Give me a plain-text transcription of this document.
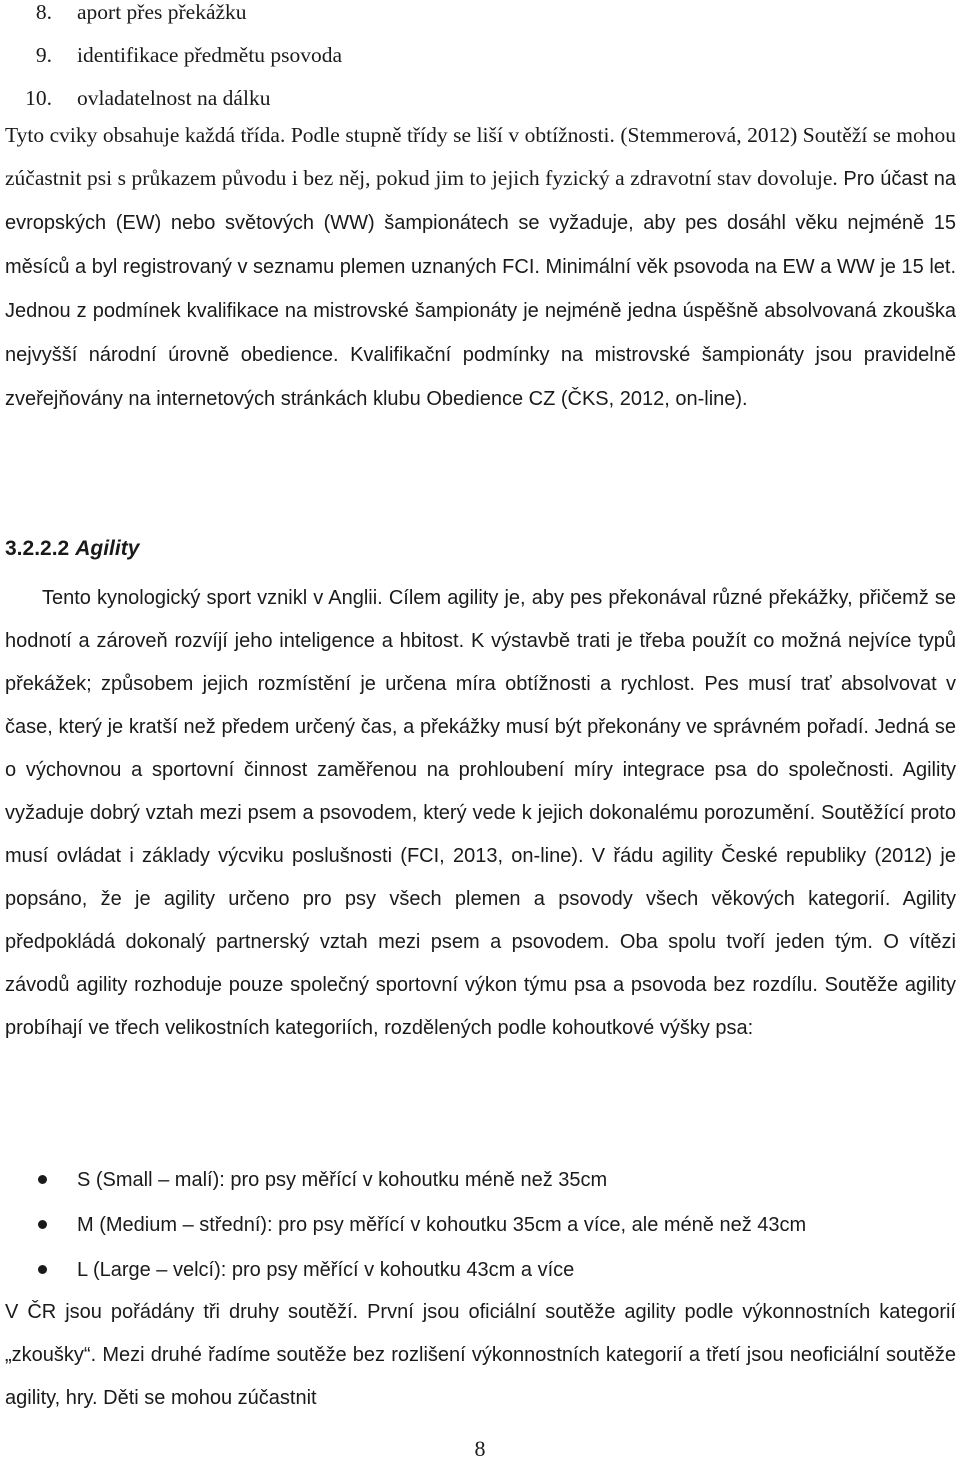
8. aport přes překážku
9. identifikace předmětu psovoda
10. ovladatelnost na dálku

Tyto cviky obsahuje každá třída. Podle stupně třídy se liší v obtížnosti. (Stemmerová, 2012) Soutěží se mohou zúčastnit psi s průkazem původu i bez něj, pokud jim to jejich fyzický a zdravotní stav dovoluje. Pro účast na evropských (EW) nebo světových (WW) šampionátech se vyžaduje, aby pes dosáhl věku nejméně 15 měsíců a byl registrovaný v seznamu plemen uznaných FCI. Minimální věk psovoda na EW a WW je 15 let. Jednou z podmínek kvalifikace na mistrovské šampionáty je nejméně jedna úspěšně absolvovaná zkouška nejvyšší národní úrovně obedience. Kvalifikační podmínky na mistrovské šampionáty jsou pravidelně zveřejňovány na internetových stránkách klubu Obedience CZ (ČKS, 2012, on-line).

3.2.2.2 Agility

Tento kynologický sport vznikl v Anglii. Cílem agility je, aby pes překonával různé překážky, přičemž se hodnotí a zároveň rozvíjí jeho inteligence a hbitost. K výstavbě trati je třeba použít co možná nejvíce typů překážek; způsobem jejich rozmístění je určena míra obtížnosti a rychlost. Pes musí trať absolvovat v čase, který je kratší než předem určený čas, a překážky musí být překonány ve správném pořadí. Jedná se o výchovnou a sportovní činnost zaměřenou na prohloubení míry integrace psa do společnosti. Agility vyžaduje dobrý vztah mezi psem a psovodem, který vede k jejich dokonalému porozumění. Soutěžící proto musí ovládat i základy výcviku poslušnosti (FCI, 2013, on-line). V řádu agility České republiky (2012) je popsáno, že je agility určeno pro psy všech plemen a psovody všech věkových kategorií. Agility předpokládá dokonalý partnerský vztah mezi psem a psovodem. Oba spolu tvoří jeden tým. O vítězi závodů agility rozhoduje pouze společný sportovní výkon týmu psa a psovoda bez rozdílu. Soutěže agility probíhají ve třech velikostních kategoriích, rozdělených podle kohoutkové výšky psa:

S (Small – malí): pro psy měřící v kohoutku méně než 35cm
M (Medium – střední): pro psy měřící v kohoutku 35cm a více, ale méně než 43cm
L (Large – velcí): pro psy měřící v kohoutku 43cm a více

V ČR jsou pořádány tři druhy soutěží. První jsou oficiální soutěže agility podle výkonnostních kategorií „zkoušky“. Mezi druhé řadíme soutěže bez rozlišení výkonnostních kategorií a třetí jsou neoficiální soutěže agility, hry. Děti se mohou zúčastnit

8
